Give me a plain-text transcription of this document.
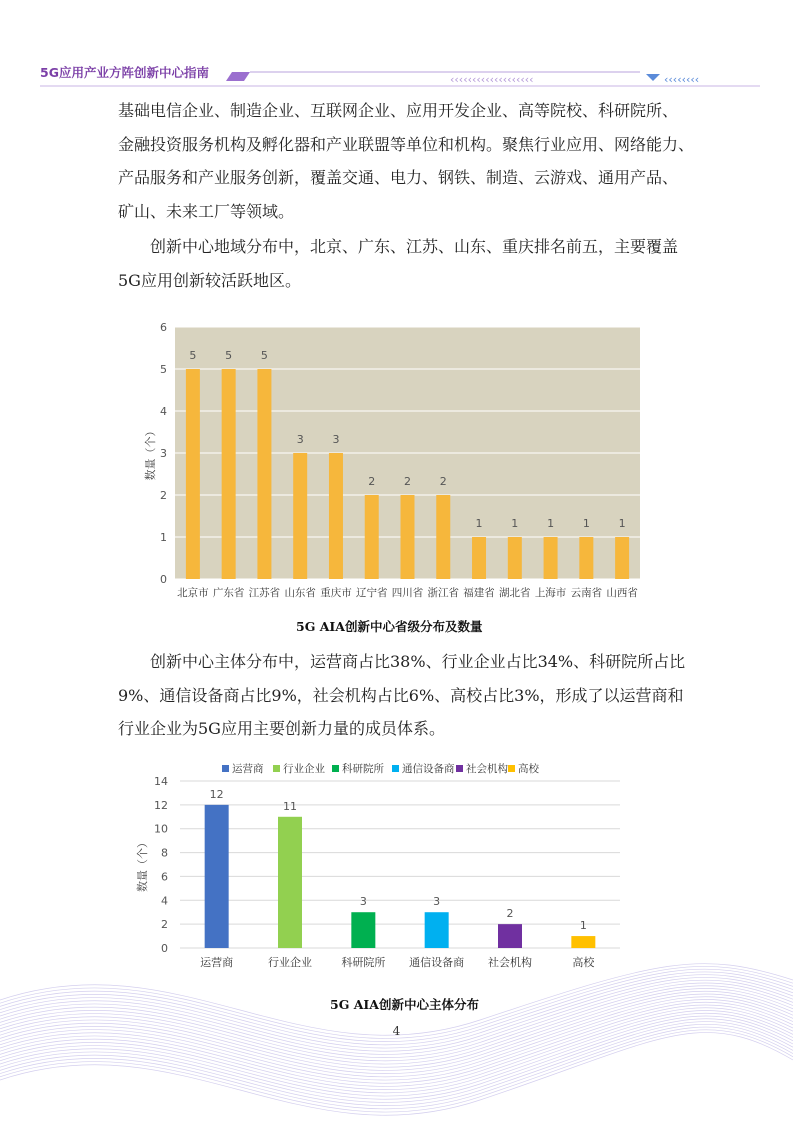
‹‹‹‹‹‹‹‹‹‹‹‹‹‹‹‹‹‹‹	‹‹‹‹‹‹‹‹
5G应用产业方阵创新中心指南
基础电信企业、制造企业、互联网企业、应用开发企业、高等院校、科研院所、
金融投资服务机构及孵化器和产业联盟等单位和机构。聚焦行业应用、网络能力、
产品服务和产业服务创新，覆盖交通、电力、钢铁、制造、云游戏、通用产品、
矿山、未来工厂等领域。
创新中心地域分布中，北京、广东、江苏、山东、重庆排名前五，主要覆盖
5G应用创新较活跃地区。
0
1
2
3
4
5
6
数量（个）
5
北京市
5
广东省
5
江苏省
3
山东省
3
重庆市
2
辽宁省
2
四川省
2
浙江省
1
福建省
1
湖北省
1
上海市
1
云南省
1
山西省
5G AIA创新中心省级分布及数量
创新中心主体分布中，运营商占比38%、行业企业占比34%、科研院所占比
9%、通信设备商占比9%，社会机构占比6%、高校占比3%，形成了以运营商和
行业企业为5G应用主要创新力量的成员体系。
0
2
4
6
8
10
12
14
数量（个）
12
运营商
11
行业企业
3
科研院所
3
通信设备商
2
社会机构
1
高校
运营商 行业企业 科研院所 通信设备商 社会机构 高校
5G AIA创新中心主体分布
4
